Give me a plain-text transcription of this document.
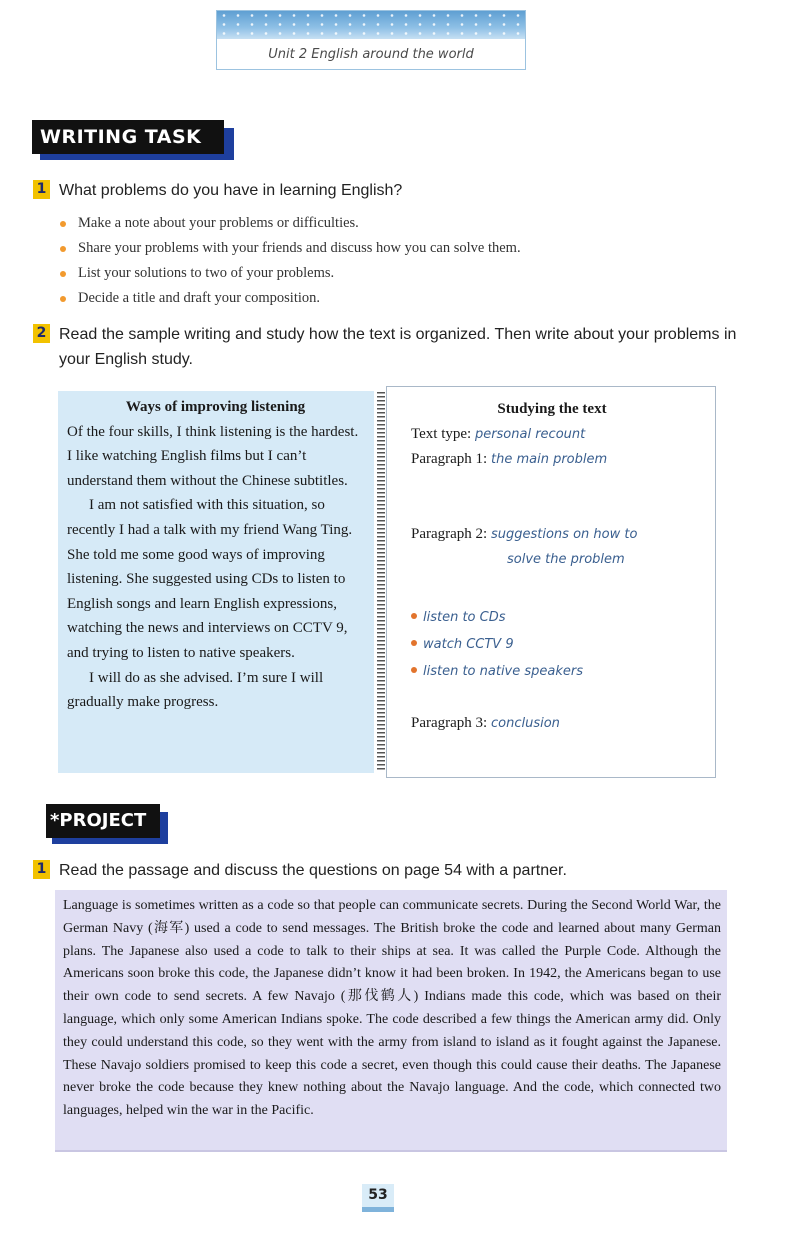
Unit 2 English around the world
WRITING TASK
1 What problems do you have in learning English?
Make a note about your problems or difficulties.
Share your problems with your friends and discuss how you can solve them.
List your solutions to two of your problems.
Decide a title and draft your composition.
2 Read the sample writing and study how the text is organized. Then write about your problems in your English study.
Ways of improving listening

Of the four skills, I think listening is the hardest. I like watching English films but I can’t understand them without the Chinese subtitles.

I am not satisfied with this situation, so recently I had a talk with my friend Wang Ting. She told me some good ways of improving listening. She suggested using CDs to listen to English songs and learn English expressions, watching the news and interviews on CCTV 9, and trying to listen to native speakers.

I will do as she advised. I’m sure I will gradually make progress.

Studying the text
Text type: personal recount
Paragraph 1: the main problem
Paragraph 2: suggestions on how to
solve the problem
listen to CDs
watch CCTV 9
listen to native speakers
Paragraph 3: conclusion
*PROJECT
1 Read the passage and discuss the questions on page 54 with a partner.
Language is sometimes written as a code so that people can communicate secrets. During the Second World War, the German Navy (海军) used a code to send messages. The British broke the code and learned about many German plans. The Japanese also used a code to talk to their ships at sea. It was called the Purple Code. Although the Americans soon broke this code, the Japanese didn’t know it had been broken. In 1942, the Americans began to use their own code to send secrets. A few Navajo (那伐鹤人) Indians made this code, which was based on their language, which only some American Indians spoke. The code described a few things the American army did. Only they could understand this code, so they went with the army from island to island as it fought against the Japanese. These Navajo soldiers promised to keep this code a secret, even though this could cause their deaths. The Japanese never broke the code because they knew nothing about the Navajo language. And the code, which connected two languages, helped win the war in the Pacific.
53
